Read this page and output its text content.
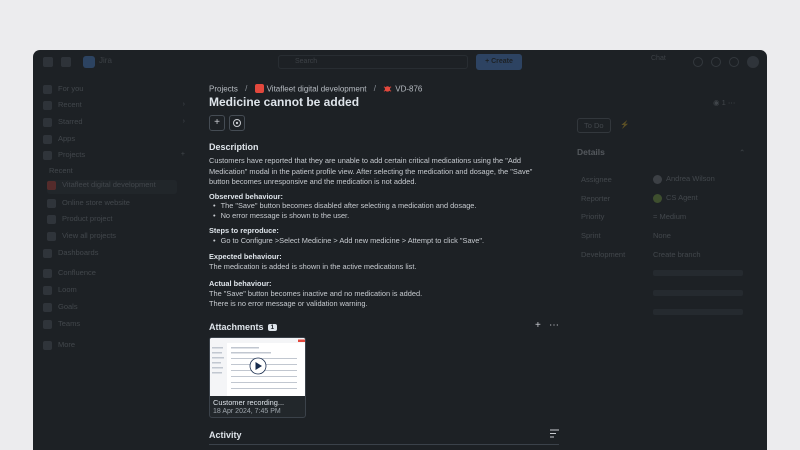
Jira	Search	+ Create	Chat
For you
Recent	›
Starred	›
Apps
Projects	+
Recent
Vitafleet digital development
Online store website
Product project
View all projects
Dashboards
Confluence
Loom
Goals
Teams
More
Projects / Vitafleet digital development / VD-876
Medicine cannot be added
+
Description
Customers have reported that they are unable to add certain critical medications using the "Add Medication" modal in the patient profile view. After selecting the medication and dosage, the "Save" button becomes unresponsive and the medication is not added.
Observed behaviour:
• The "Save" button becomes disabled after selecting a medication and dosage.
• No error message is shown to the user.
Steps to reproduce:
• Go to Configure >Select Medicine > Add new medicine > Attempt to click "Save".
Expected behaviour:
The medication is added is shown in the active medications list.
Actual behaviour:
The "Save" button becomes inactive and no medication is added.
There is no error message or validation warning.
Attachments 1	+ ⋯
Customer recording...
18 Apr 2024, 7:45 PM
Activity
To Do	⚡
◉ 1 ⋯
Details	⌃
Assignee	Andrea Wilson
Reporter	CS Agent
Priority	= Medium
Sprint	None
Development	Create branch
